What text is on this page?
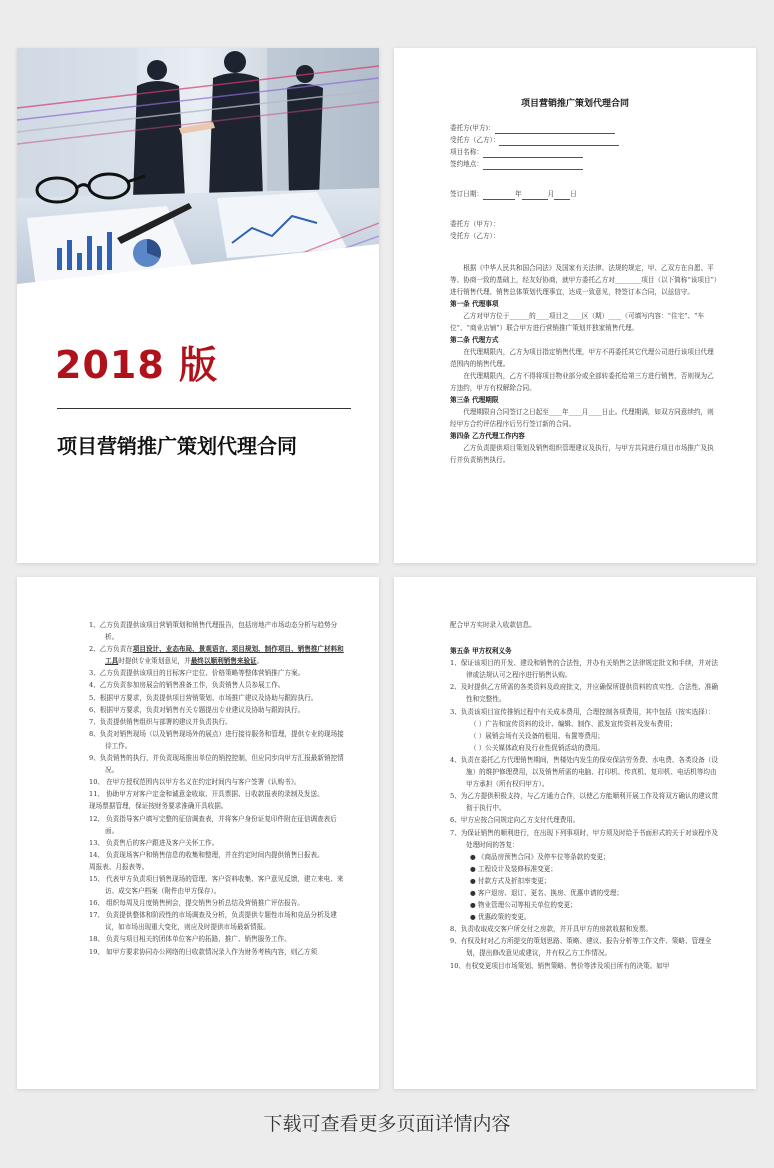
2018 版
项目营销推广策划代理合同
项目营销推广策划代理合同
委托方(甲方)：
受托方（乙方）：
项目名称：
签约地点：
签订日期：	年	月 日
委托方（甲方）：
受托方（乙方）：
根据《中华人民共和国合同法》及国家有关法律、法规的规定，甲、乙双方在自愿、平等、协商一致的基础上，经友好协商，就甲方委托乙方对________项目（以下简称“该项目”）进行销售代理、销售总体策划代理事宜，达成一致意见，特签订本合同，以兹信守。
第一条 代理事项
乙方对甲方位于______的____项目之____区（期）____（可填写内容：“住宅”、“车位”、“商业店铺”）联合甲方进行营销推广策划并独家销售代理。
第二条 代理方式
在代理期限内，乙方为项目指定销售代理，甲方不再委托其它代理公司进行该项目代理范围内的销售代理。
在代理期限内，乙方不得将项目物业部分或全部转委托给第三方进行销售，否则视为乙方违约，甲方有权解除合同。
第三条 代理期限
代理期限自合同签订之日起至____年____月____日止。代理期满，如双方同意续约，则经甲方合约评估程序后另行签订新的合同。
第四条 乙方代理工作内容
乙方负责提供项目策划及销售组织管理建议及执行，与甲方共同进行项目市场推广及执行并负责销售执行。
1、乙方负责提供该项目营销策划和销售代理报告，包括房地产市场动态分析与趋势分析。
2、乙方负责在项目设计、业态布局、景观语言、项目规划、制作项目、销售推广材料和工具时提供专业策划意见，并最终以顺利销售来验证。
3、乙方负责提供该项目的目标客户定位、价格策略等整体营销推广方案。
4、乙方负责参加房展会的销售准备工作，负责销售人员参展工作。
5、根据甲方要求，负责提供项目营销策划、市场推广建议及协助与跟踪执行。
6、根据甲方要求，负责对销售有关专题提出专业建议及协助与跟踪执行。
7、负责提供销售组织与部署的建议并负责执行。
8、负责对销售现场（以及销售现场外的展点）进行接待服务和管理，提供专业的现场接待工作。
9、负责销售的执行，并负责现场推出单位的销控控制，但应同步向甲方汇报最新销控情况。
10、 在甲方授权范围内以甲方名义在约定时间内与客户签署《认购书》。
11、 协助甲方对客户定金和诚意金收取、开具票据、日收款报表的录制及发送。
现场票据管理，保证按财务要求准确开具收据。
12、 负责指导客户填写完整的征信调查表，并将客户身份证复印件附在征信调查表后面。
13、 负责售后的客户跟进及客户关怀工作。
14、 负责现场客户和销售信息的收集和整理，并在约定时间内提供销售日报表。
周报表、月报表等。
15、 代表甲方负责项目销售现场的管理、客户资料收集、客户意见反馈，建立来电、来访、成交客户档案（附件由甲方保存）。
16、 组织每周及月度销售例会，提交销售分析总结及营销推广评估报告。
17、 负责提供整体和阶段性的市场调查及分析，负责提供专题性市场和竞品分析及建议，如市场出现重大变化，则应及时提供市场最新情报。
18、 负责与项目相关的团体单位客户的拓路、推广、销售服务工作。
19、 如甲方要求协同办公网络的日收款情况录入作为财务考核内容，则乙方须
配合甲方实时录入收款信息。
第五条 甲方权利义务
1、保证该项目的开发、建设和销售的合法性，并办有关销售之法律规定批文和手续，并对法律或法规认可之程序进行销售认购。
2、及时提供乙方所需的各类资料及政府批文，并应确保所提供资料的真实性、合法性、准确性和完整性。
3、负责该项目宣传推销过程中有关成本费用，合理控制各项费用，其中包括（按实选择）：
（ ）广告和宣传资料的设计、编辑、制作、派发宣传资料及发布费用；
（ ）展销会场有关设备的租用、布置等费用；
（ ）公关媒体政府及行业性促销活动的费用。
4、负责在委托乙方代理销售期间，售楼处内发生的保安保洁劳务费、水电费、各类设备（设施）的维护修理费用，以及销售所需的电脑、打印机、传真机、复印机、电话机等均由甲方承担（所有权归甲方）。
5、为乙方提供积极支持，与乙方通力合作，以使乙方能顺利开展工作及将双方确认的建议贯彻于执行中。
6、甲方应按合同规定向乙方支付代理费用。
7、为保证销售的顺利进行，在出现下列事项时，甲方须及时给予书面形式的关于对该程序及处理时间的答复：
● 《商品房预售合同》及停车位等条款的变更；
● 工程设计及装修标准变更；
● 付款方式及折扣率变更；
● 客户退房、退订、更名、换房、优惠申请的受理；
● 物业管理公司等相关单位的变更；
● 优惠政策的变更。
8、负责收取成交客户所交付之房款，并开具甲方的房款收据和发票。
9、有权及时对乙方所提交的策划思路、策略、建议、报告分析等工作文件、策略、管理全划，提出修改意见或建议，并有权乙方工作情况。
10、有权变更项目市场策划、销售策略、售价等涉及项目所有的决策。如甲
下载可查看更多页面详情内容
